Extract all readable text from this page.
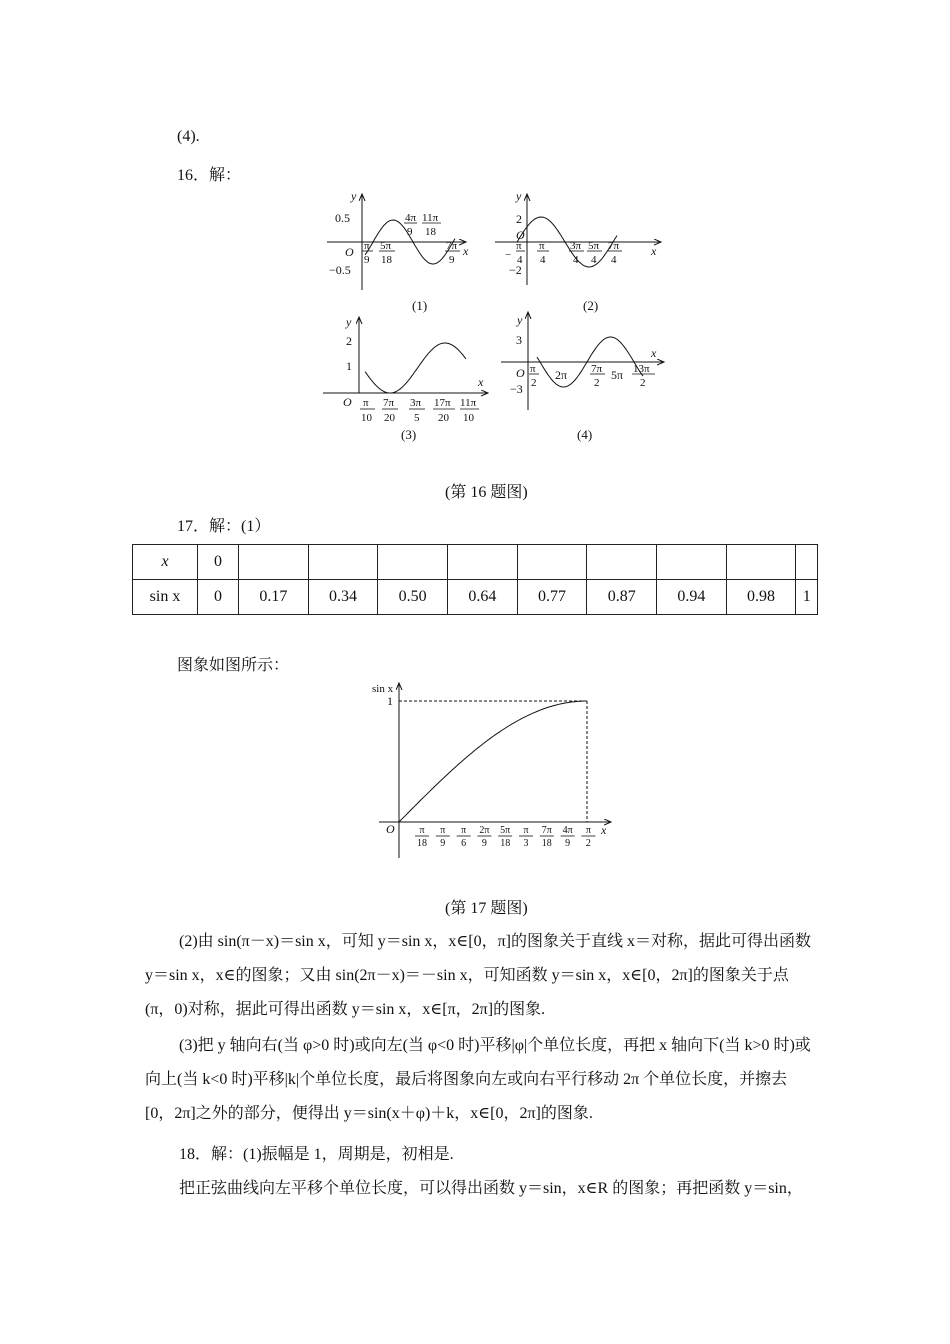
(4).
16．解：
y
x
O
0.5
−0.5
4π
9
11π
18
π
9
5π
18
7π
9
(1)
y
x
O
2
−2
−
π
4
π
4
3π
4
5π
4
7π
4
(2)
y
x
O
2
1
π
10
7π
20
3π
5
17π
20
11π
10
(3)
y
x
O
3
−3
π
2
2π 7π
2
5π 13π
2
(4)
(第 16 题图)
17．解：(1）
x	0									
sin x	0	0.17	0.34	0.50	0.64	0.77	0.87	0.94	0.98	1
图象如图所示：
sin x
x
O
1
π
18
π
9
π
6
2π
9
5π
18
π
3
7π
18
4π
9
π
2
(第 17 题图)

(2)由 sin(π－x)＝sin x，可知 y＝sin x，x∈[0，π]的图象关于直线 x＝对称，据此可得出函数 y＝sin x，x∈的图象；又由 sin(2π－x)＝－sin x，可知函数 y＝sin x，x∈[0，2π]的图象关于点(π，0)对称，据此可得出函数 y＝sin x，x∈[π，2π]的图象.

(3)把 y 轴向右(当 φ>0 时)或向左(当 φ<0 时)平移|φ|个单位长度，再把 x 轴向下(当 k>0 时)或向上(当 k<0 时)平移|k|个单位长度，最后将图象向左或向右平行移动 2π 个单位长度，并擦去[0，2π]之外的部分，便得出 y＝sin(x＋φ)＋k，x∈[0，2π]的图象.

18．解：(1)振幅是 1，周期是，初相是.

把正弦曲线向左平移个单位长度，可以得出函数 y＝sin，x∈R 的图象；再把函数 y＝sin，
